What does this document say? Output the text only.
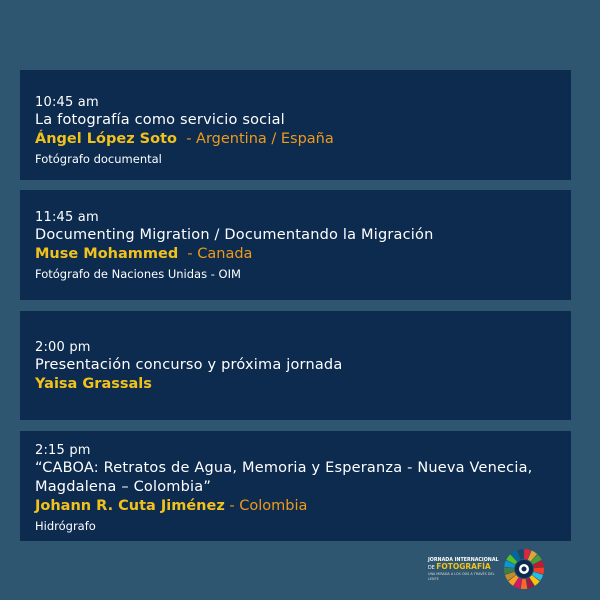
10:45 am
La fotografía como servicio social
Ángel López Soto  - Argentina / España
Fotógrafo documental
11:45 am
Documenting Migration / Documentando la Migración
Muse Mohammed  - Canada
Fotógrafo de Naciones Unidas - OIM
2:00 pm
Presentación concurso y próxima jornada
Yaisa Grassals
2:15 pm
“CABOA: Retratos de Agua, Memoria y Esperanza - Nueva Venecia,
Magdalena – Colombia”
Johann R. Cuta Jiménez - Colombia
Hidrógrafo
JORNADA INTERNACIONAL
DE FOTOGRAFÍA
UNA MIRADA A LOS ODS A TRAVÉS DEL LENTE
